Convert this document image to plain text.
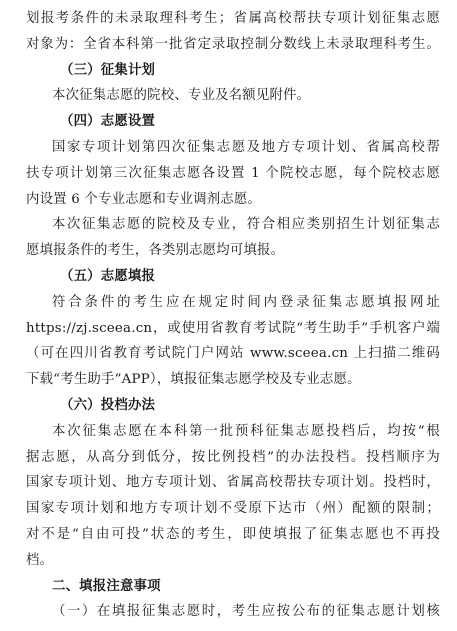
划报考条件的未录取理科考生；省属高校帮扶专项计划征集志愿
对象为：全省本科第一批省定录取控制分数线上未录取理科考生。
（三）征集计划
本次征集志愿的院校、专业及名额见附件。
（四）志愿设置
国家专项计划第四次征集志愿及地方专项计划、省属高校帮
扶专项计划第三次征集志愿各设置 1 个院校志愿，每个院校志愿
内设置 6 个专业志愿和专业调剂志愿。
本次征集志愿的院校及专业，符合相应类别招生计划征集志
愿填报条件的考生，各类别志愿均可填报。
（五）志愿填报
符合条件的考生应在规定时间内登录征集志愿填报网址
https://zj.sceea.cn，或使用省教育考试院“考生助手”手机客户端
（可在四川省教育考试院门户网站 www.sceea.cn 上扫描二维码
下载“考生助手”APP），填报征集志愿学校及专业志愿。
（六）投档办法
本次征集志愿在本科第一批预科征集志愿投档后，均按“根
据志愿，从高分到低分，按比例投档”的办法投档。投档顺序为
国家专项计划、地方专项计划、省属高校帮扶专项计划。投档时，
国家专项计划和地方专项计划不受原下达市（州）配额的限制；
对不是“自由可投”状态的考生，即使填报了征集志愿也不再投
档。
二、填报注意事项
（一）在填报征集志愿时，考生应按公布的征集志愿计划核
